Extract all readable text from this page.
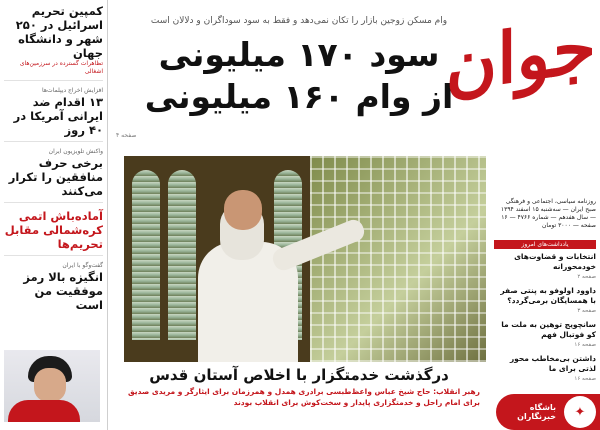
کمپین تحریم اسرائیل در ۲۵۰ شهر و دانشگاه جهان
تظاهرات گسترده در سرزمین‌های اشغالی
افزایش اخراج دیپلمات‌ها
۱۳ اقدام ضد ایرانی آمریکا در ۴۰ روز
واکنش تلویزیون ایران
برخی حرف منافقین را تکرار می‌کنند
آماده‌باش اتمی کره‌شمالی مقابل تحریم‌ها
گفت‌وگو با ایران
انگیزه بالا رمز موفقیت من است
وام مسکن زوجین بازار را تکان نمی‌دهد و فقط به سود سوداگران و دلالان است
سود ۱۷۰ میلیونی
از وام ۱۶۰ میلیونی
صفحه ۴
درگذشت خدمتگزار با اخلاص آستان قدس
رهبر انقلاب: حاج شیخ عباس واعظ‌طبسی برادری همدل و همرزمان برای ایثارگر و مریدی صدیق برای امام راحل و خدمتگزاری پایدار و سخت‌کوش برای انقلاب بودند
جوان
روزنامه سیاسی، اجتماعی و فرهنگی صبح ایران — سه‌شنبه ۱۵ اسفند ۱۳۹۴ — سال هفدهم — شماره ۴۷۶۶ — ۱۶ صفحه — ۳۰۰۰ تومان
یادداشت‌های امروز
انتخابات و قضاوت‌های خودمحورانه
صفحه ۲
داوود اولوفو به پنتی صفر با همسایگان برمی‌گردد؟
صفحه ۳
سانچویج توهین به ملت ما کو فوتبال فهم
صفحه ۱۶
داشتن بی‌مخاطب محور لذتی برای ما
صفحه ۱۶
باشگاه خبرنگاران	✦
